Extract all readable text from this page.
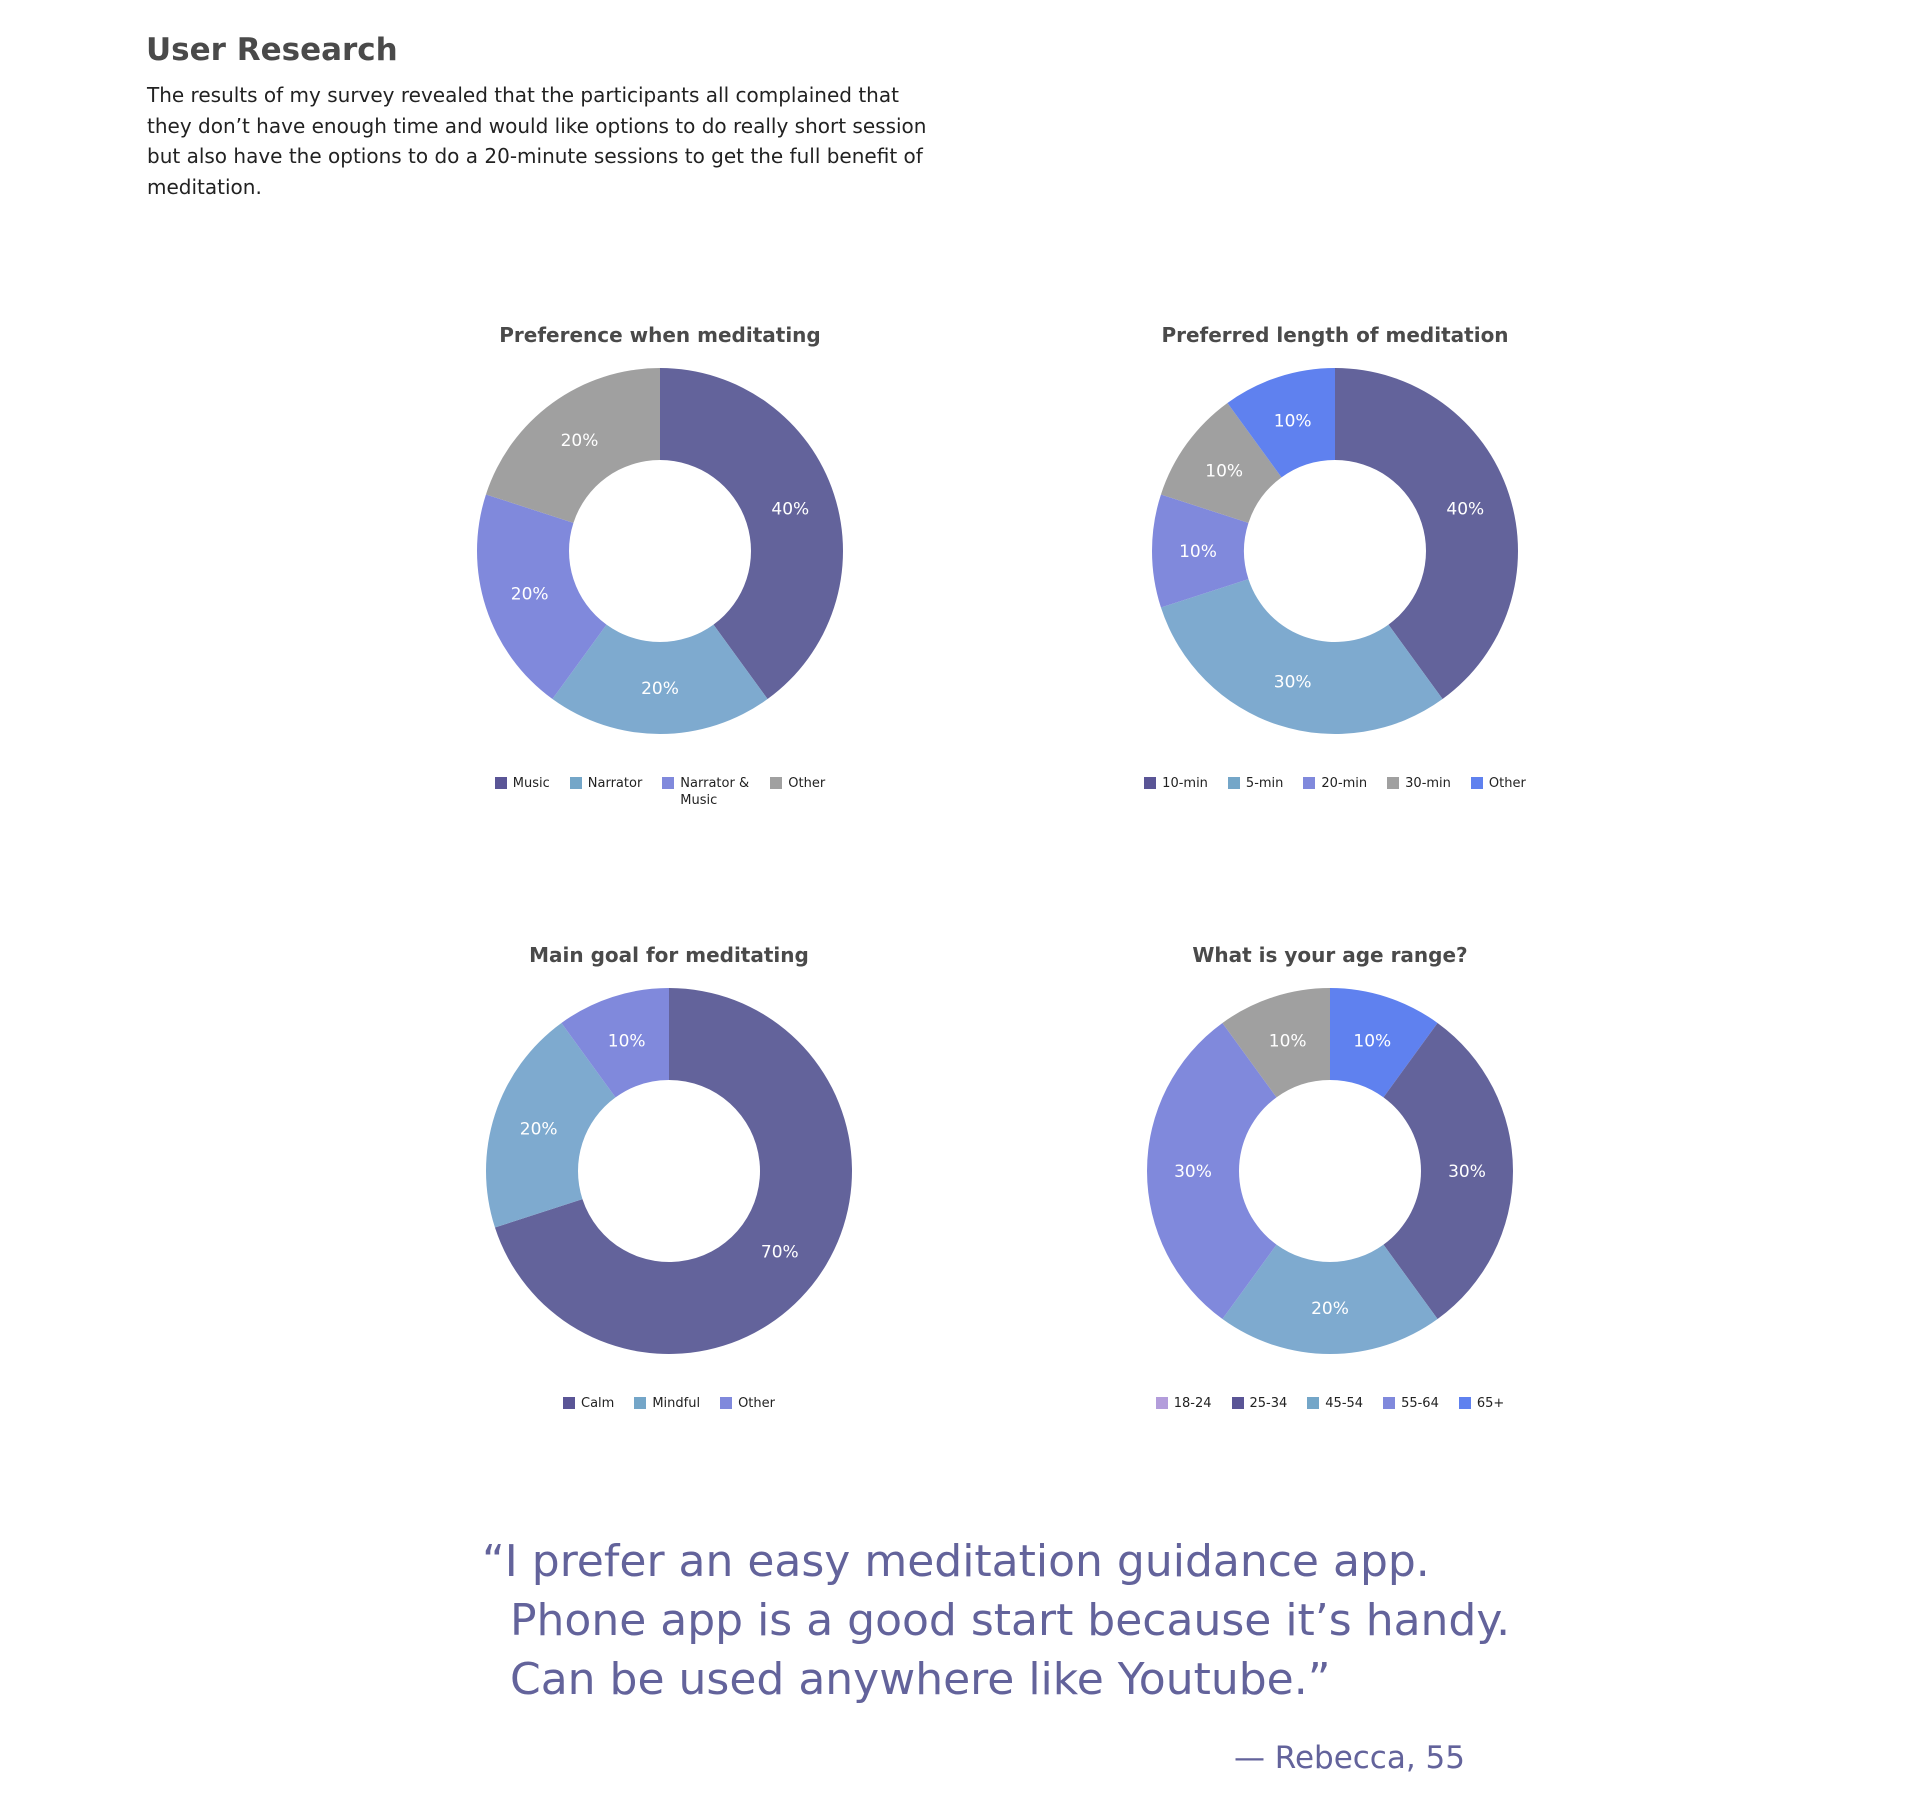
User Research

The results of my survey revealed that the participants all complained that they don’t have enough time and would like options to do really short session but also have the options to do a 20-minute sessions to get the full benefit of meditation.

Preference when meditating
40%
20%
20%
20%
Music	Narrator	Narrator & Music
Other
Preferred length of meditation
40%
30%
10%
10%
10%
10-min	5-min	20-min	30-min	Other
Main goal for meditating
70%
20%
10%
Calm	Mindful	Other
What is your age range?
10%
30%
20%
30%
10%
18-24	25-34	45-54	55-64	65+
“I prefer an easy meditation guidance app.
Phone app is a good start because it’s handy.
Can be used anywhere like Youtube.”
— Rebecca, 55
